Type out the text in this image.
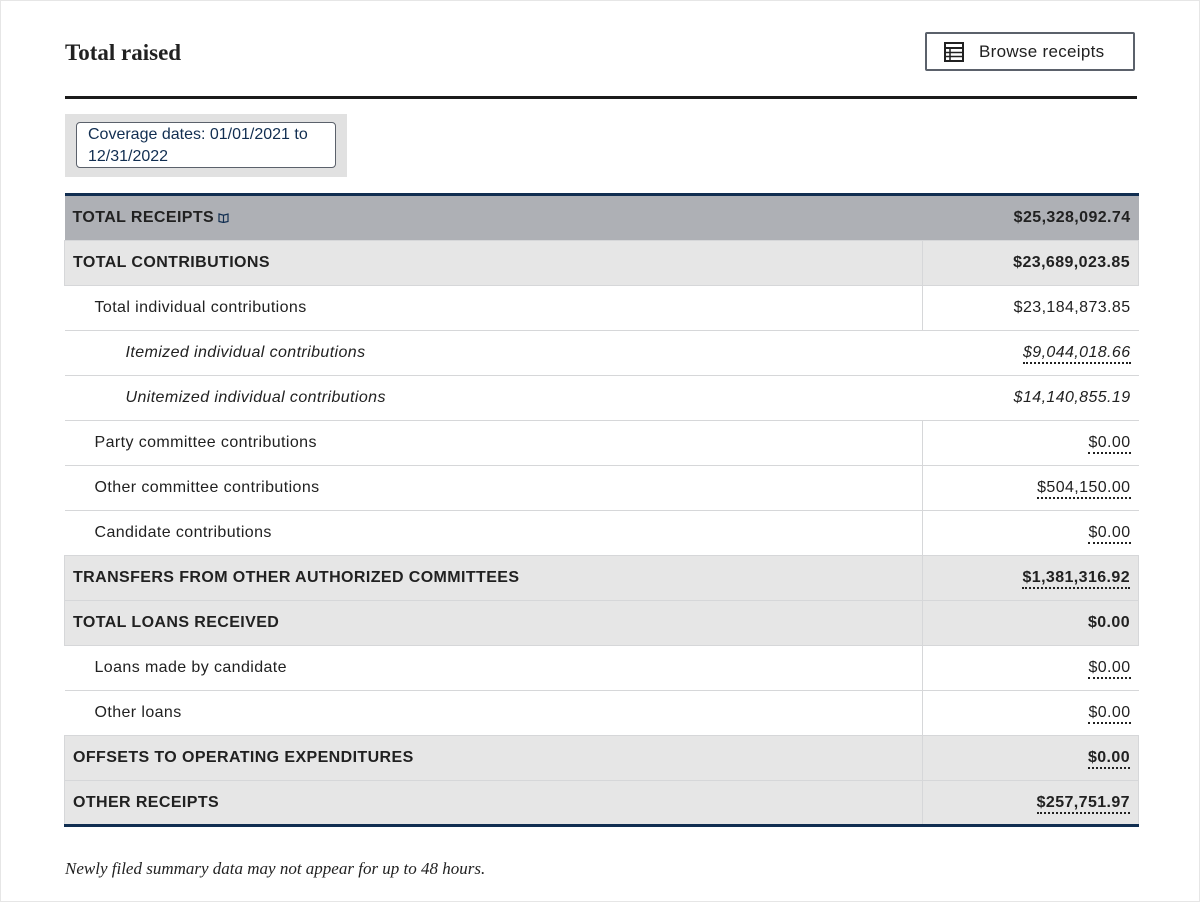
Total raised	Browse receipts
Coverage dates: 01/01/2021 to 12/31/2022
TOTAL RECEIPTS	$25,328,092.74
TOTAL CONTRIBUTIONS	$23,689,023.85
Total individual contributions	$23,184,873.85
Itemized individual contributions	$9,044,018.66
Unitemized individual contributions	$14,140,855.19
Party committee contributions	$0.00
Other committee contributions	$504,150.00
Candidate contributions	$0.00
TRANSFERS FROM OTHER AUTHORIZED COMMITTEES	$1,381,316.92
TOTAL LOANS RECEIVED	$0.00
Loans made by candidate	$0.00
Other loans	$0.00
OFFSETS TO OPERATING EXPENDITURES	$0.00
OTHER RECEIPTS	$257,751.97
Newly filed summary data may not appear for up to 48 hours.
